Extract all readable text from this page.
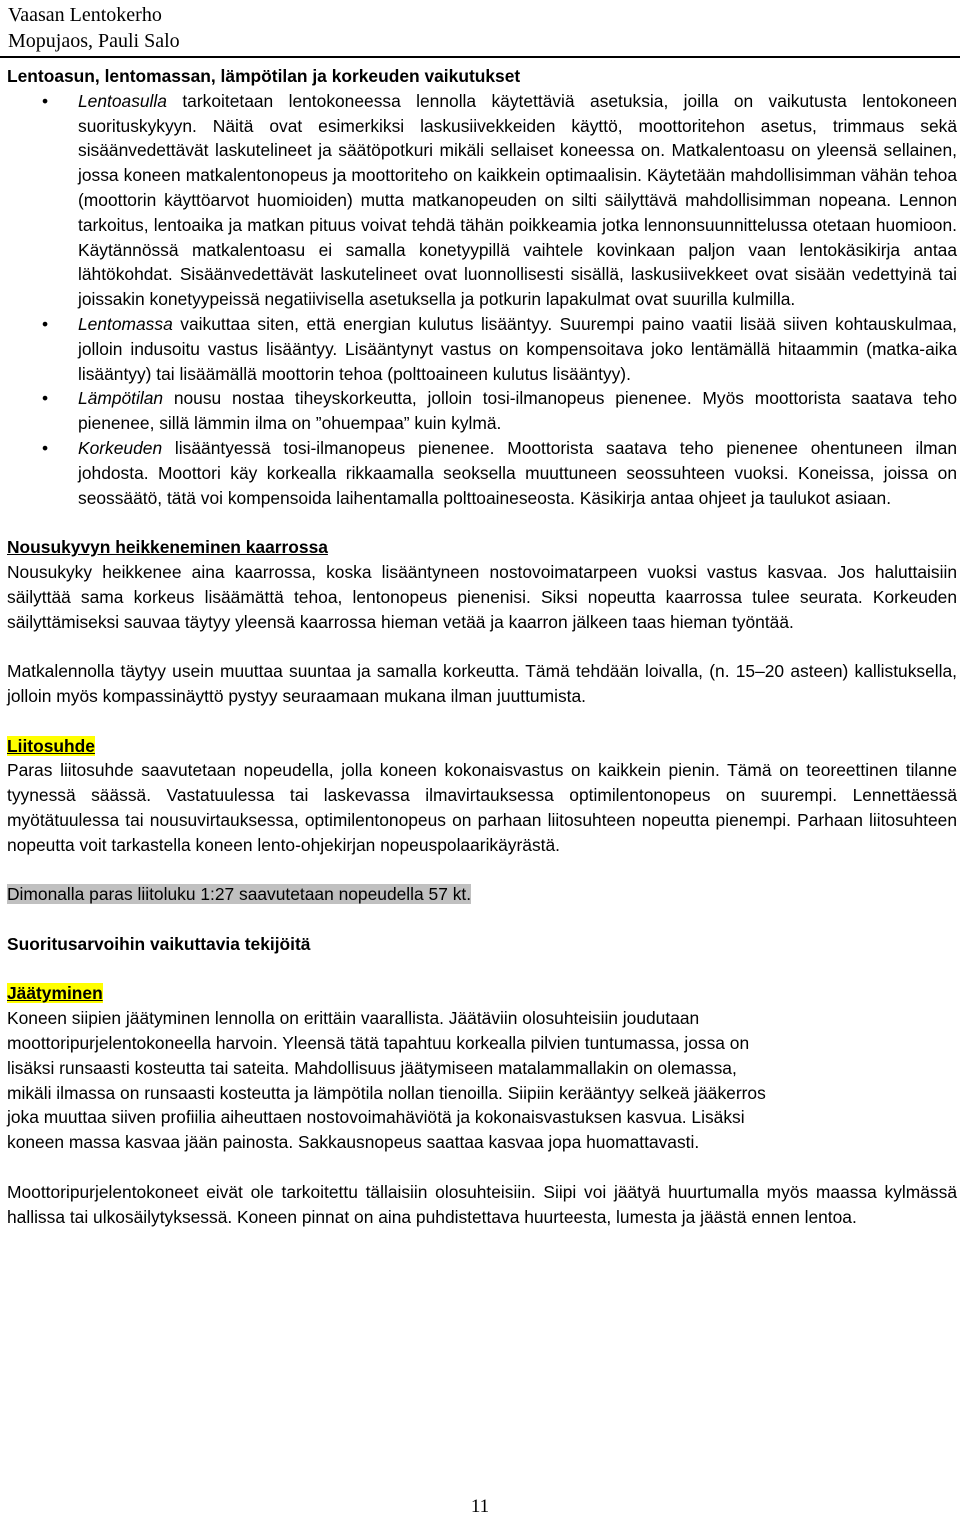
Vaasan Lentokerho
Mopujaos, Pauli Salo

Lentoasun, lentomassan, lämpötilan ja korkeuden vaikutukset

• Lentoasulla tarkoitetaan lentokoneessa lennolla käytettäviä asetuksia, joilla on vaikutusta lentokoneen suorituskykyyn. Näitä ovat esimerkiksi laskusiivekkeiden käyttö, moottoritehon asetus, trimmaus sekä sisäänvedettävät laskutelineet ja säätöpotkuri mikäli sellaiset koneessa on. Matkalentoasu on yleensä sellainen, jossa koneen matkalentonopeus ja moottoriteho on kaikkein optimaalisin. Käytetään mahdollisimman vähän tehoa (moottorin käyttöarvot huomioiden) mutta matkanopeuden on silti säilyttävä mahdollisimman nopeana. Lennon tarkoitus, lentoaika ja matkan pituus voivat tehdä tähän poikkeamia jotka lennonsuunnittelussa otetaan huomioon. Käytännössä matkalentoasu ei samalla konetyypillä vaihtele kovinkaan paljon vaan lentokäsikirja antaa lähtökohdat. Sisäänvedettävät laskutelineet ovat luonnollisesti sisällä, laskusiivekkeet ovat sisään vedettyinä tai joissakin konetyypeissä negatiivisella asetuksella ja potkurin lapakulmat ovat suurilla kulmilla.
• Lentomassa vaikuttaa siten, että energian kulutus lisääntyy. Suurempi paino vaatii lisää siiven kohtauskulmaa, jolloin indusoitu vastus lisääntyy. Lisääntynyt vastus on kompensoitava joko lentämällä hitaammin (matka-aika lisääntyy) tai lisäämällä moottorin tehoa (polttoaineen kulutus lisääntyy).
• Lämpötilan nousu nostaa tiheyskorkeutta, jolloin tosi-ilmanopeus pienenee. Myös moottorista saatava teho pienenee, sillä lämmin ilma on ”ohuempaa” kuin kylmä.
• Korkeuden lisääntyessä tosi-ilmanopeus pienenee. Moottorista saatava teho pienenee ohentuneen ilman johdosta. Moottori käy korkealla rikkaamalla seoksella muuttuneen seossuhteen vuoksi. Koneissa, joissa on seossäätö, tätä voi kompensoida laihentamalla polttoaineseosta. Käsikirja antaa ohjeet ja taulukot asiaan.

Nousukyvyn heikkeneminen kaarrossa

Nousukyky heikkenee aina kaarrossa, koska lisääntyneen nostovoimatarpeen vuoksi vastus kasvaa. Jos haluttaisiin säilyttää sama korkeus lisäämättä tehoa, lentonopeus pienenisi. Siksi nopeutta kaarrossa tulee seurata. Korkeuden säilyttämiseksi sauvaa täytyy yleensä kaarrossa hieman vetää ja kaarron jälkeen taas hieman työntää.

Matkalennolla täytyy usein muuttaa suuntaa ja samalla korkeutta. Tämä tehdään loivalla, (n. 15–20 asteen) kallistuksella, jolloin myös kompassinäyttö pystyy seuraamaan mukana ilman juuttumista.

Liitosuhde

Paras liitosuhde saavutetaan nopeudella, jolla koneen kokonaisvastus on kaikkein pienin. Tämä on teoreettinen tilanne tyynessä säässä. Vastatuulessa tai laskevassa ilmavirtauksessa optimilentonopeus on suurempi. Lennettäessä myötätuulessa tai nousuvirtauksessa, optimilentonopeus on parhaan liitosuhteen nopeutta pienempi. Parhaan liitosuhteen nopeutta voit tarkastella koneen lento-ohjekirjan nopeuspolaarikäyrästä.

Dimonalla paras liitoluku 1:27 saavutetaan nopeudella 57 kt.

Suoritusarvoihin vaikuttavia tekijöitä

Jäätyminen

Koneen siipien jäätyminen lennolla on erittäin vaarallista. Jäätäviin olosuhteisiin joudutaan
moottoripurjelentokoneella harvoin. Yleensä tätä tapahtuu korkealla pilvien tuntumassa, jossa on
lisäksi runsaasti kosteutta tai sateita. Mahdollisuus jäätymiseen matalammallakin on olemassa,
mikäli ilmassa on runsaasti kosteutta ja lämpötila nollan tienoilla. Siipiin kerääntyy selkeä jääkerros
joka muuttaa siiven profiilia aiheuttaen nostovoimahäviötä ja kokonaisvastuksen kasvua. Lisäksi
koneen massa kasvaa jään painosta. Sakkausnopeus saattaa kasvaa jopa huomattavasti.

Moottoripurjelentokoneet eivät ole tarkoitettu tällaisiin olosuhteisiin. Siipi voi jäätyä huurtumalla myös maassa kylmässä hallissa tai ulkosäilytyksessä. Koneen pinnat on aina puhdistettava huurteesta, lumesta ja jäästä ennen lentoa.

11
